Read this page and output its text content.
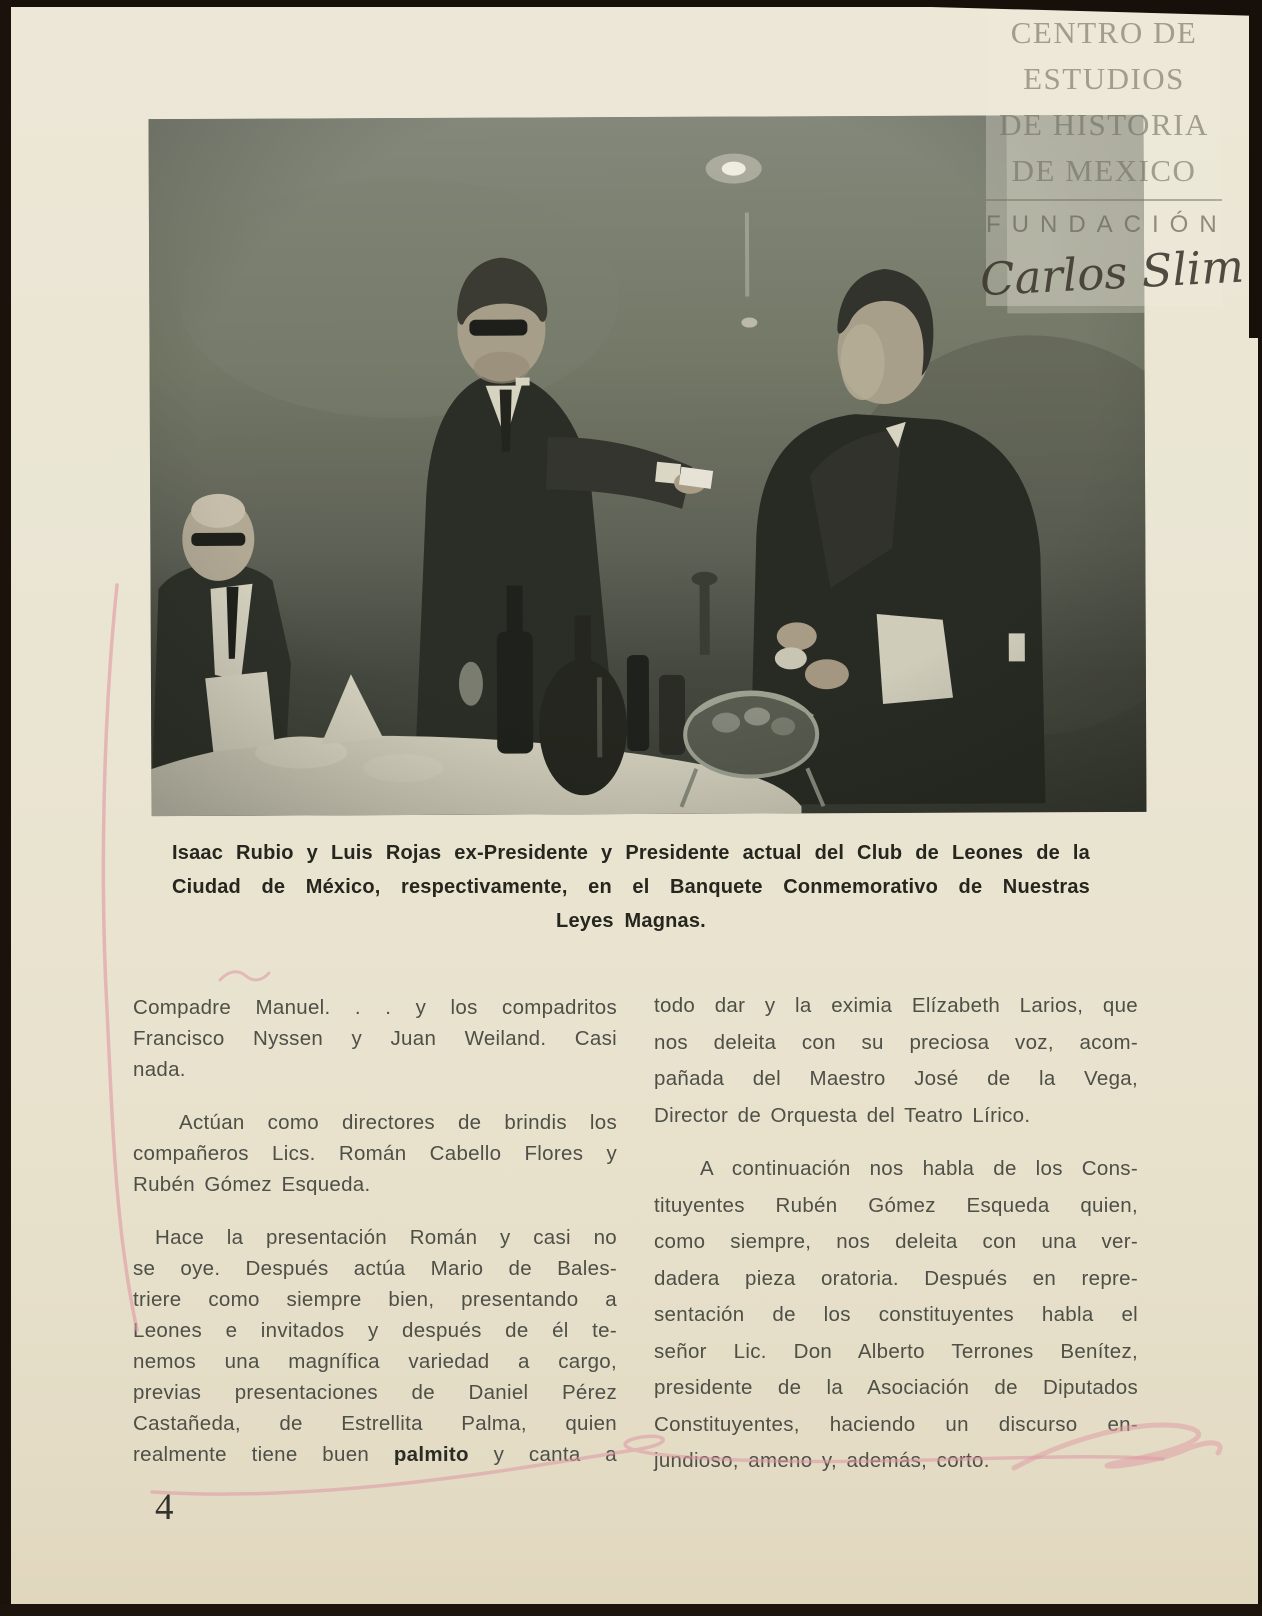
CENTRO DE
ESTUDIOS
DE HISTORIA
DE MEXICO
FUNDACIÓN
Carlos Slim
Isaac Rubio y Luis Rojas ex-Presidente y Presidente actual del Club de Leones de la
Ciudad de México, respectivamente, en el Banquete Conmemorativo de Nuestras
Leyes Magnas.

Compadre Manuel. . . y los compadritos
Francisco Nyssen y Juan Weiland. Casi
nada.

Actúan como directores de brindis los
compañeros Lics. Román Cabello Flores y
Rubén Gómez Esqueda.

Hace la presentación Román y casi no
se oye. Después actúa Mario de Bales-
triere como siempre bien, presentando a
Leones e invitados y después de él te-
nemos una magnífica variedad a cargo,
previas presentaciones de Daniel Pérez
Castañeda, de Estrellita Palma, quien
realmente tiene buen palmito y canta a

todo dar y la eximia Elízabeth Larios, que
nos deleita con su preciosa voz, acom-
pañada del Maestro José de la Vega,
Director de Orquesta del Teatro Lírico.

A continuación nos habla de los Cons-
tituyentes Rubén Gómez Esqueda quien,
como siempre, nos deleita con una ver-
dadera pieza oratoria. Después en repre-
sentación de los constituyentes habla el
señor Lic. Don Alberto Terrones Benítez,
presidente de la Asociación de Diputados
Constituyentes, haciendo un discurso en-
jundioso, ameno y, además, corto.

4
